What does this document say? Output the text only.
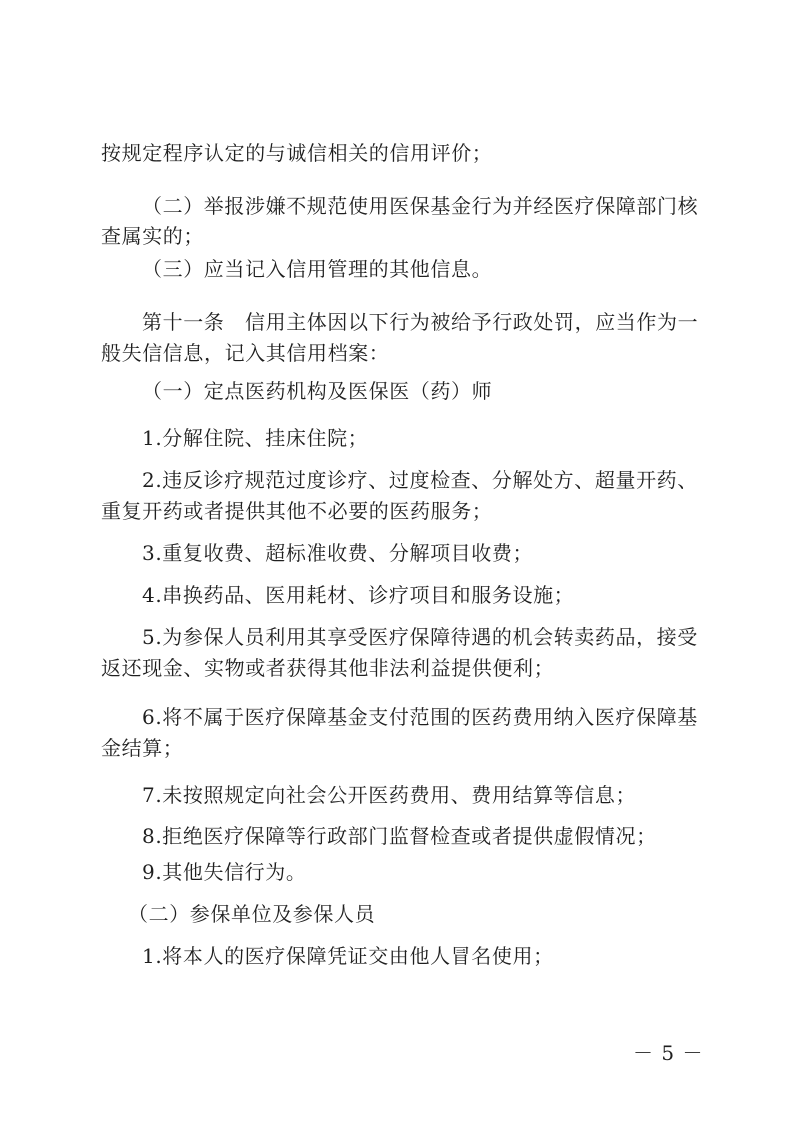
按规定程序认定的与诚信相关的信用评价；
（二）举报涉嫌不规范使用医保基金行为并经医疗保障部门核
查属实的；
（三）应当记入信用管理的其他信息。
第十一条　信用主体因以下行为被给予行政处罚，应当作为一
般失信信息，记入其信用档案：
（一）定点医药机构及医保医（药）师
1.分解住院、挂床住院；
2.违反诊疗规范过度诊疗、过度检查、分解处方、超量开药、
重复开药或者提供其他不必要的医药服务；
3.重复收费、超标准收费、分解项目收费；
4.串换药品、医用耗材、诊疗项目和服务设施；
5.为参保人员利用其享受医疗保障待遇的机会转卖药品，接受
返还现金、实物或者获得其他非法利益提供便利；
6.将不属于医疗保障基金支付范围的医药费用纳入医疗保障基
金结算；
7.未按照规定向社会公开医药费用、费用结算等信息；
8.拒绝医疗保障等行政部门监督检查或者提供虚假情况；
9.其他失信行为。
（二）参保单位及参保人员
1.将本人的医疗保障凭证交由他人冒名使用；
－ 5 －
